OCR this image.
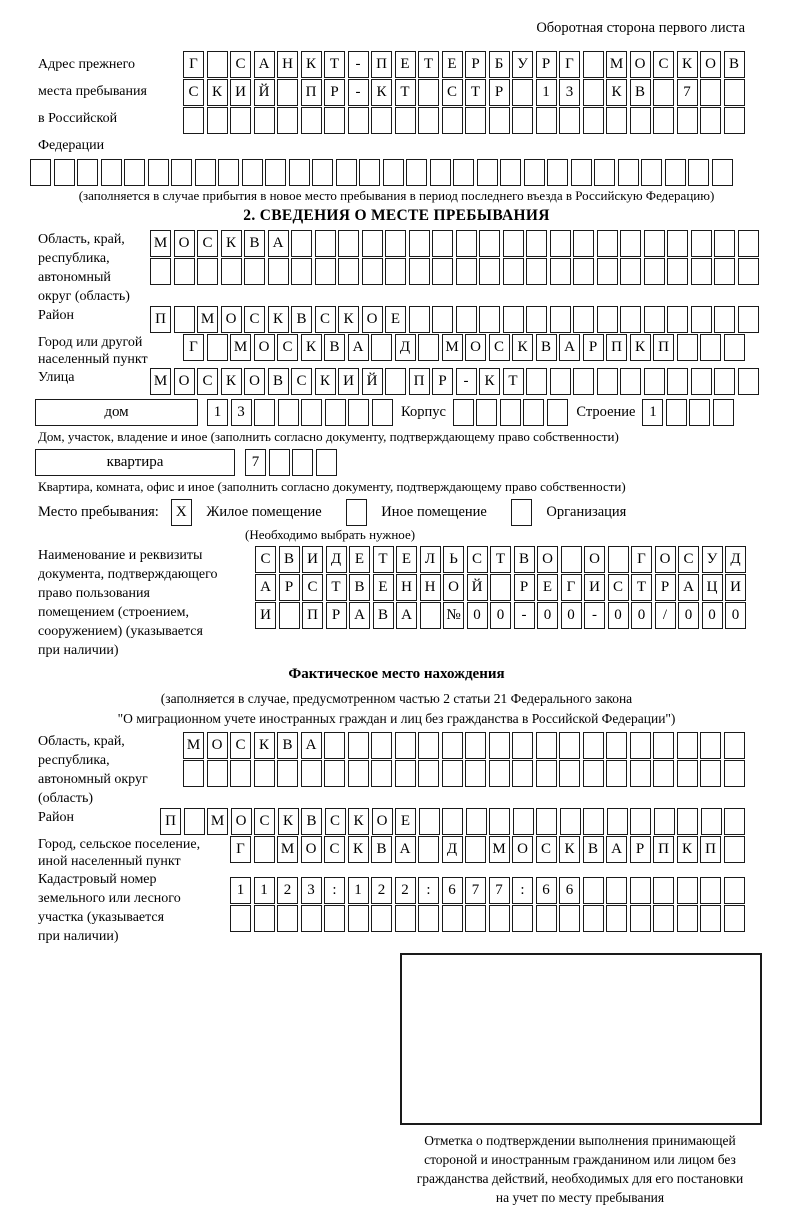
Оборотная сторона первого листа
Адрес прежнего
места пребывания
в Российской
Федерации
Г	С А Н К Т	-	П Е Т Е Р	Б У Р Г	М О С К О В
С К И Й	П Р	-	К Т	С Т Р	1	3	К В	7
(заполняется в случае прибытия в новое место пребывания в период последнего въезда в Российскую Федерацию)
2. СВЕДЕНИЯ О МЕСТЕ ПРЕБЫВАНИЯ
Область, край,
республика,
автономный
округ (область)
М О С К В А
Район	П	М О С К В С К О Е
Город или другой
населенный пункт
Г	М О С К В А	Д	М О С К В А Р П К П
Улица	М О С К О В С К И Й	П Р	-	К Т
дом	1	3	Корпус	Строение 1
Дом, участок, владение и иное (заполнить согласно документу, подтверждающему право собственности)
квартира	7
Квартира, комната, офис и иное (заполнить согласно документу, подтверждающему право собственности)
Место пребывания:	X	Жилое помещение	Иное помещение	Организация
(Необходимо выбрать нужное)
Наименование и реквизиты
документа, подтверждающего
право пользования
помещением (строением,
сооружением) (указывается
при наличии)
С В И Д Е Т Е Л Ь С Т В О	О	Г О С У Д
А Р С Т В Е Н Н О Й	Р Е Г И С Т Р А Ц И
И	П Р А В А	№ 0	0	-	0	0	-	0	0	/	0	0	0
Фактическое место нахождения
(заполняется в случае, предусмотренном частью 2 статьи 21 Федерального закона
"О миграционном учете иностранных граждан и лиц без гражданства в Российской Федерации")
Область, край,
республика,
автономный округ
(область)
М О С К В А
Район	П	М О С К В С К О Е
Город, сельское поселение,
иной населенный пункт
Г	М О С К В А	Д	М О С К В А Р П К П
Кадастровый номер
земельного или лесного
участка (указывается
при наличии)
1	1	2	3	:	1	2	2	:	6	7	7	:	6	6
Отметка о подтверждении выполнения принимающей
стороной и иностранным гражданином или лицом без
гражданства действий, необходимых для его постановки
на учет по месту пребывания
